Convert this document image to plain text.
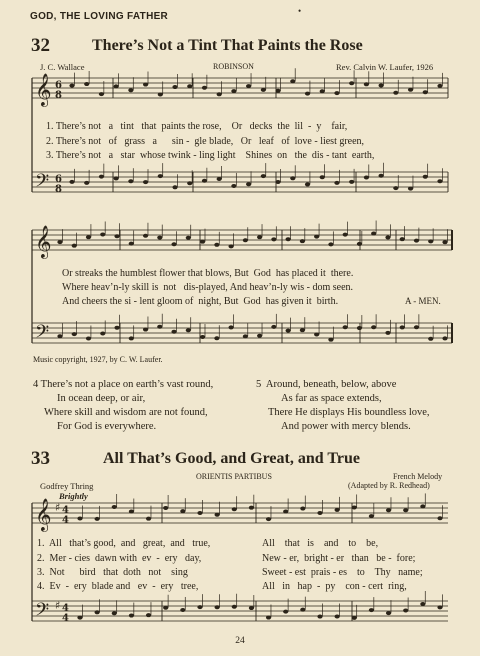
GOD, THE LOVING FATHER	•
32	There’s Not a Tint That Paints the Rose
J. C. Wallace	ROBINSON	Rev. Calvin W. Laufer, 1926
𝄞
𝄢
𝄞
𝄢
𝄞
𝄢
6
8
6
8
4
4
4
4
♯
♯
1. There’s not   a   tint   that  paints the rose,    Or   decks  the  lil  -  y    fair,
2. There’s not   of   grass   a      sin -  gle blade,   Or   leaf   of  love - liest green,
3. There’s not   a   star  whose twink - ling light    Shines  on   the  dis - tant  earth,
Or streaks the humblest flower that blows, But  God  has placed it  there.
Where heav’n-ly skill is  not   dis-played, And heav’n-ly wis - dom seen.
And cheers the si - lent gloom of  night, But  God  has given it  birth.	A - MEN.
Music copyright, 1927, by C. W. Laufer.
4 There’s not a place on earth’s vast round,
In ocean deep, or air,
Where skill and wisdom are not found,
For God is everywhere.
5  Around, beneath, below, above
As far as space extends,
There He displays His boundless love,
And power with mercy blends.
33	All That’s Good, and Great, and True
ORIENTIS PARTIBUS	French Melody
Godfrey Thring	(Adapted by R. Redhead)
Brightly
1.  All   that’s good,  and   great,  and   true,
2.  Mer - cies  dawn with  ev  -  ery   day,
3.  Not      bird   that  doth   not    sing
4.  Ev  -  ery  blade and   ev  -  ery   tree,
All    that   is    and    to    be,
New - er,  bright - er   than   be -  fore;
Sweet - est  prais - es    to    Thy   name;
All   in   hap  -  py    con - cert  ring,
24
